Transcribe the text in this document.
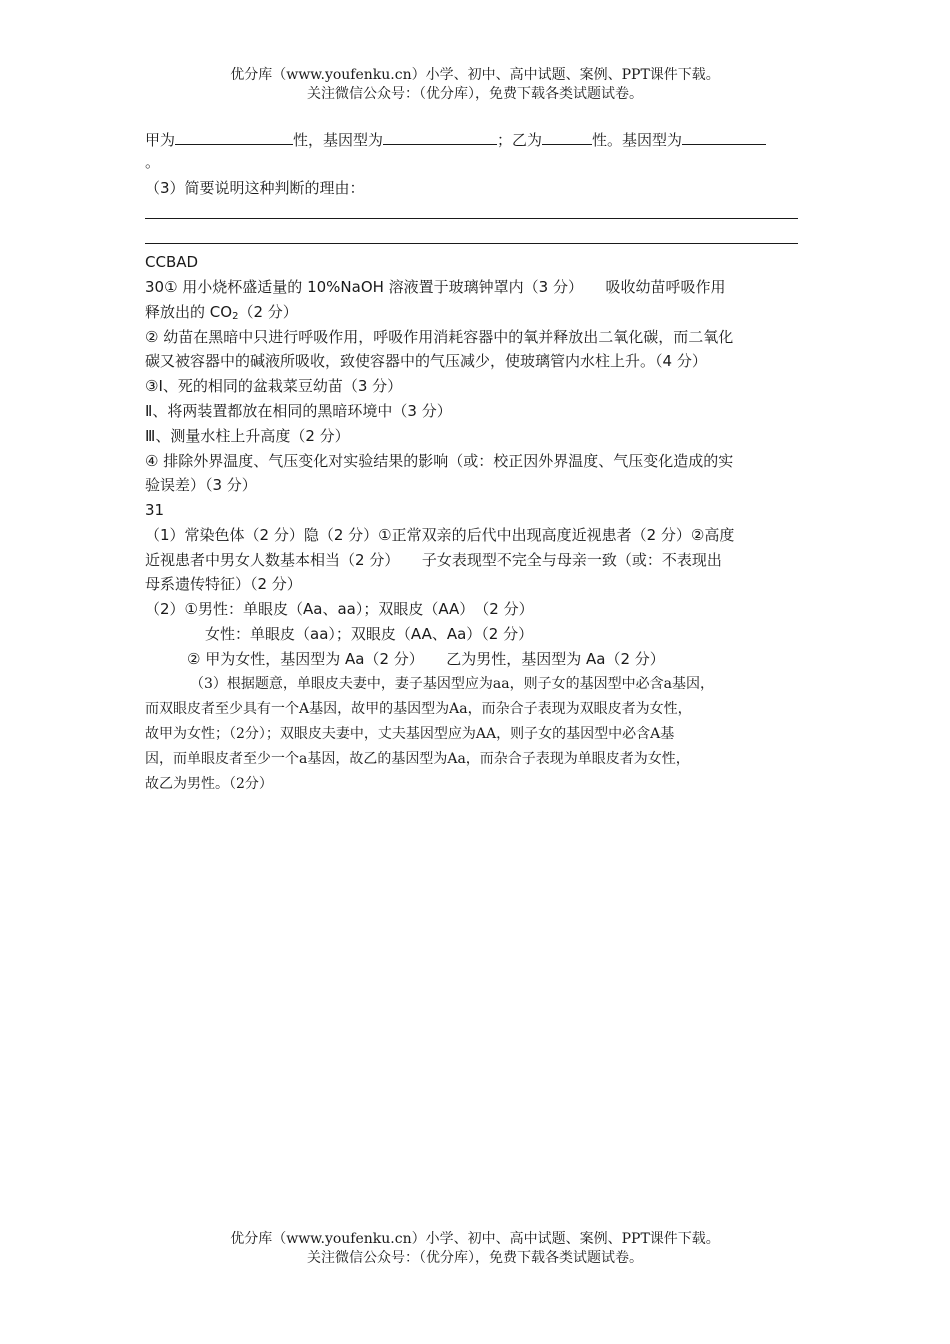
优分库（www.youfenku.cn）小学、初中、高中试题、案例、PPT课件下载。
关注微信公众号：（优分库），免费下载各类试题试卷。
甲为	性，基因型为	；乙为	性。基因型为
。
（3）简要说明这种判断的理由：
CCBAD
30① 用小烧杯盛适量的 10%NaOH 溶液置于玻璃钟罩内（3 分）　　吸收幼苗呼吸作用
释放出的 $CO_2(2$ 分）
② 幼苗在黑暗中只进行呼吸作用，呼吸作用消耗容器中的氧并释放出二氧化碳，而二氧化
碳又被容器中的碱液所吸收，致使容器中的气压减少，使玻璃管内水柱上升。（4 分）
③Ⅰ、死的相同的盆栽菜豆幼苗（3 分）
Ⅱ、将两装置都放在相同的黑暗环境中（3 分）
Ⅲ、测量水柱上升高度（2 分）
④ 排除外界温度、气压变化对实验结果的影响（或：校正因外界温度、气压变化造成的实
验误差）（3 分）
31
（1）常染色体（2 分）隐（2 分）①正常双亲的后代中出现高度近视患者（2 分）②高度
近视患者中男女人数基本相当（2 分）　　子女表现型不完全与母亲一致（或：不表现出
母系遗传特征）（2 分）
（2）①男性：单眼皮（Aa、aa）；双眼皮（AA）　（2 分）
女性：单眼皮（aa）；双眼皮（AA、Aa）（2 分）
② 甲为女性，基因型为 Aa（2 分）　　乙为男性，基因型为 Aa（2 分）
（3）根据题意，单眼皮夫妻中，妻子基因型应为aa，则子女的基因型中必含a基因，
而双眼皮者至少具有一个A基因，故甲的基因型为Aa，而杂合子表现为双眼皮者为女性，
故甲为女性；（2分）；双眼皮夫妻中，丈夫基因型应为AA，则子女的基因型中必含A基
因，而单眼皮者至少一个a基因，故乙的基因型为Aa，而杂合子表现为单眼皮者为女性，
故乙为男性。（2分）
优分库（www.youfenku.cn）小学、初中、高中试题、案例、PPT课件下载。
关注微信公众号：（优分库），免费下载各类试题试卷。
